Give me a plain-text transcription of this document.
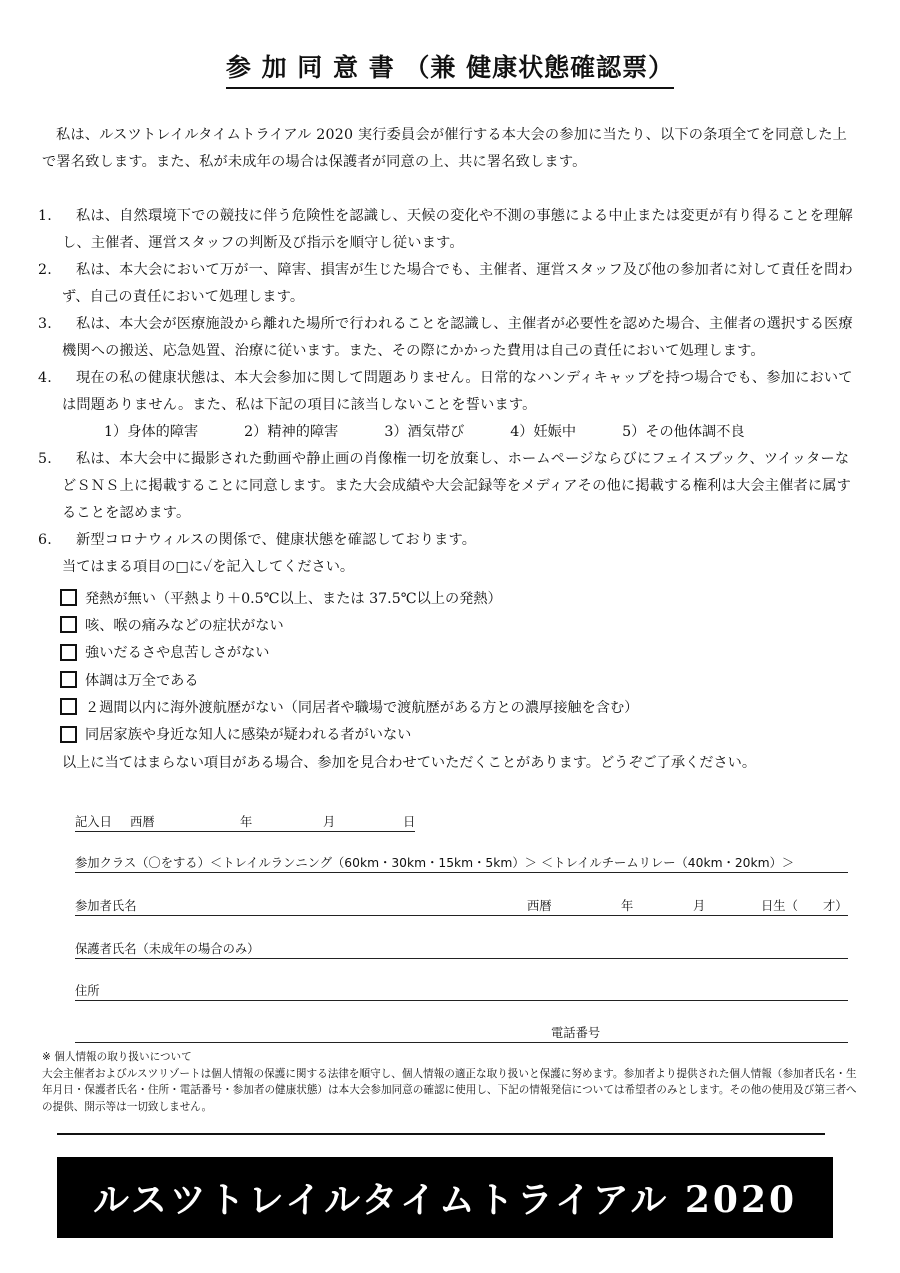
参 加 同 意 書 （兼 健康状態確認票）
私は、ルスツトレイルタイムトライアル 2020 実行委員会が催行する本大会の参加に当たり、以下の条項全てを同意した上で署名致します。また、私が未成年の場合は保護者が同意の上、共に署名致します。
1.	私は、自然環境下での競技に伴う危険性を認識し、天候の変化や不測の事態による中止または変更が有り得ることを理解し、主催者、運営スタッフの判断及び指示を順守し従います。
2.	私は、本大会において万が一、障害、損害が生じた場合でも、主催者、運営スタッフ及び他の参加者に対して責任を問わず、自己の責任において処理します。
3.	私は、本大会が医療施設から離れた場所で行われることを認識し、主催者が必要性を認めた場合、主催者の選択する医療機関への搬送、応急処置、治療に従います。また、その際にかかった費用は自己の責任において処理します。
4.	現在の私の健康状態は、本大会参加に関して問題ありません。日常的なハンディキャップを持つ場合でも、参加においては問題ありません。また、私は下記の項目に該当しないことを誓います。
1）身体的障害	2）精神的障害	3）酒気帯び	4）妊娠中	5）その他体調不良
5.	私は、本大会中に撮影された動画や静止画の肖像権一切を放棄し、ホームページならびにフェイスブック、ツイッターなどＳＮＳ上に掲載することに同意します。また大会成績や大会記録等をメディアその他に掲載する権利は大会主催者に属することを認めます。
6.	新型コロナウィルスの関係で、健康状態を確認しております。
当てはまる項目の□に✓を記入してください。
発熱が無い（平熱より＋0.5℃以上、または 37.5℃以上の発熱）
咳、喉の痛みなどの症状がない
強いだるさや息苦しさがない
体調は万全である
２週間以内に海外渡航歴がない（同居者や職場で渡航歴がある方との濃厚接触を含む）
同居家族や身近な知人に感染が疑われる者がいない
以上に当てはまらない項目がある場合、参加を見合わせていただくことがあります。どうぞご了承ください。
記入日 西暦	年	月	日
参加クラス（〇をする）＜トレイルランニング（60km・30km・15km・5km）＞ ＜トレイルチームリレー（40km・20km）＞
参加者氏名	西暦	年	月	日生（ 才）
保護者氏名（未成年の場合のみ）
住所
電話番号
※ 個人情報の取り扱いについて
大会主催者およびルスツリゾートは個人情報の保護に関する法律を順守し、個人情報の適正な取り扱いと保護に努めます。参加者より提供された個人情報（参加者氏名・生年月日・保護者氏名・住所・電話番号・参加者の健康状態）は本大会参加同意の確認に使用し、下記の情報発信については希望者のみとします。その他の使用及び第三者への提供、開示等は一切致しません。
ルスツトレイルタイムトライアル 2020
